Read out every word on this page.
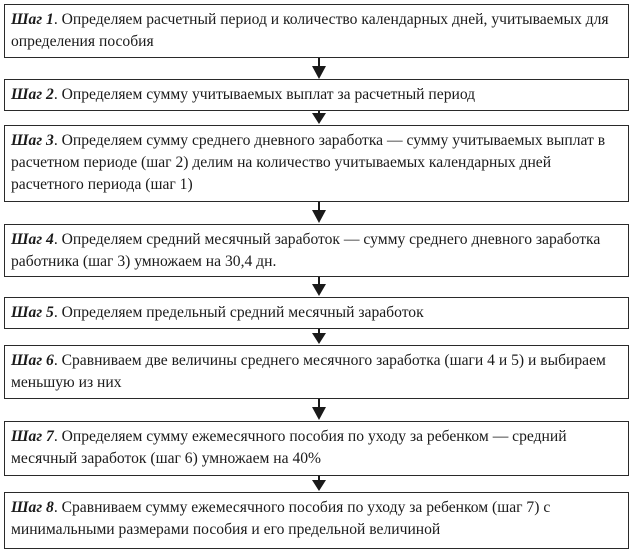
Шаг 1. Определяем расчетный период и количество календарных дней, учитываемых для определения пособия
Шаг 2. Определяем сумму учитываемых выплат за расчетный период
Шаг 3. Определяем сумму среднего дневного заработка — сумму учитываемых выплат в расчетном периоде (шаг 2) делим на количество учитываемых календарных дней расчетного периода (шаг 1)
Шаг 4. Определяем средний месячный заработок — сумму среднего дневного заработка работника (шаг 3) умножаем на 30,4 дн.
Шаг 5. Определяем предельный средний месячный заработок
Шаг 6. Сравниваем две величины среднего месячного заработка (шаги 4 и 5) и выбираем меньшую из них
Шаг 7. Определяем сумму ежемесячного пособия по уходу за ребенком — средний месячный заработок (шаг 6) умножаем на 40%
Шаг 8. Сравниваем сумму ежемесячного пособия по уходу за ребенком (шаг 7) с минимальными размерами пособия и его предельной величиной
